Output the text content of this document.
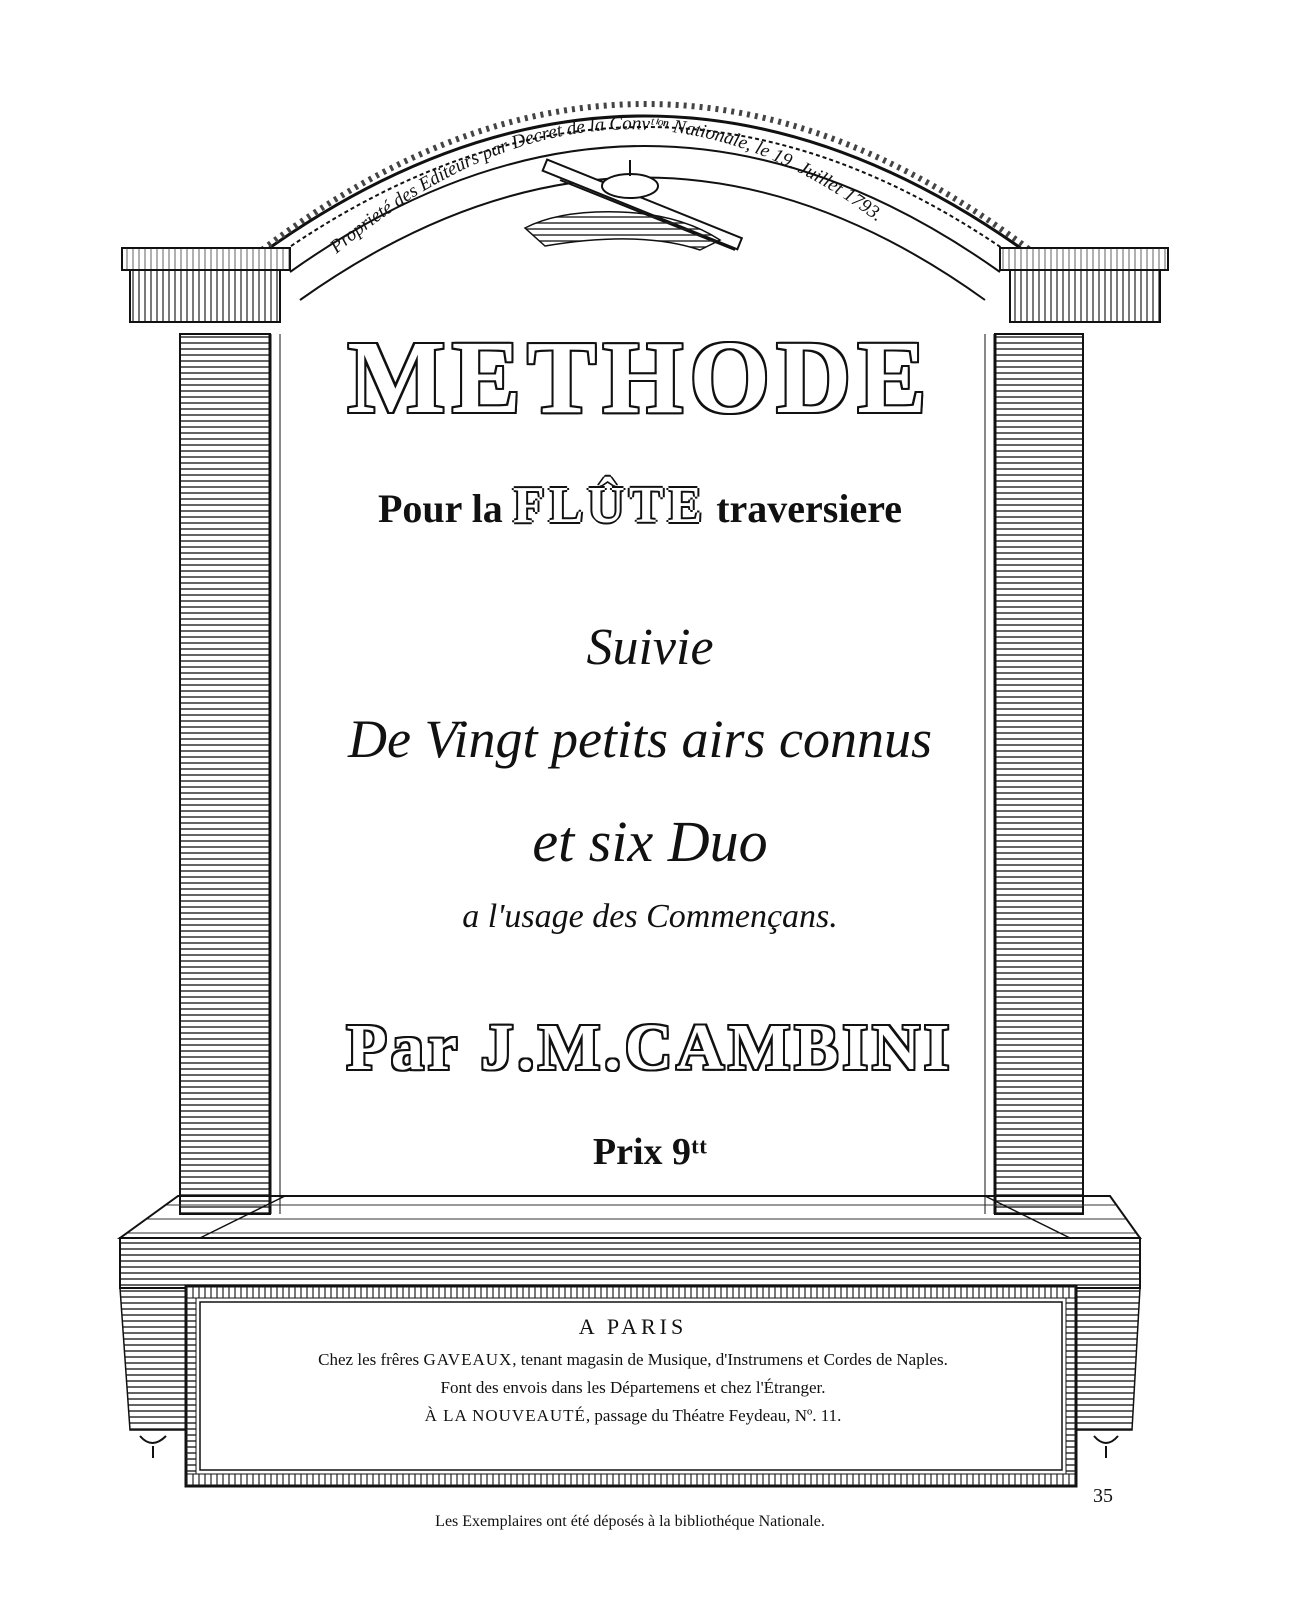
Proprieté des Editeurs par Decret de la Convᵗⁱᵒⁿ Nationale, le 19. Juillet 1793.
METHODE
Pour la FLÛTE traversiere
Suivie
De Vingt petits airs connus
et six Duo
a l'usage des Commençans.
Par J.M.CAMBINI
Prix 9ᵗᵗ
A PARIS
Chez les frêres GAVEAUX, tenant magasin de Musique, d'Instrumens et Cordes de Naples.
Font des envois dans les Départemens et chez l'Étranger.
À LA NOUVEAUTÉ, passage du Théatre Feydeau, Nº. 11.
35
Les Exemplaires ont été déposés à la bibliothéque Nationale.
